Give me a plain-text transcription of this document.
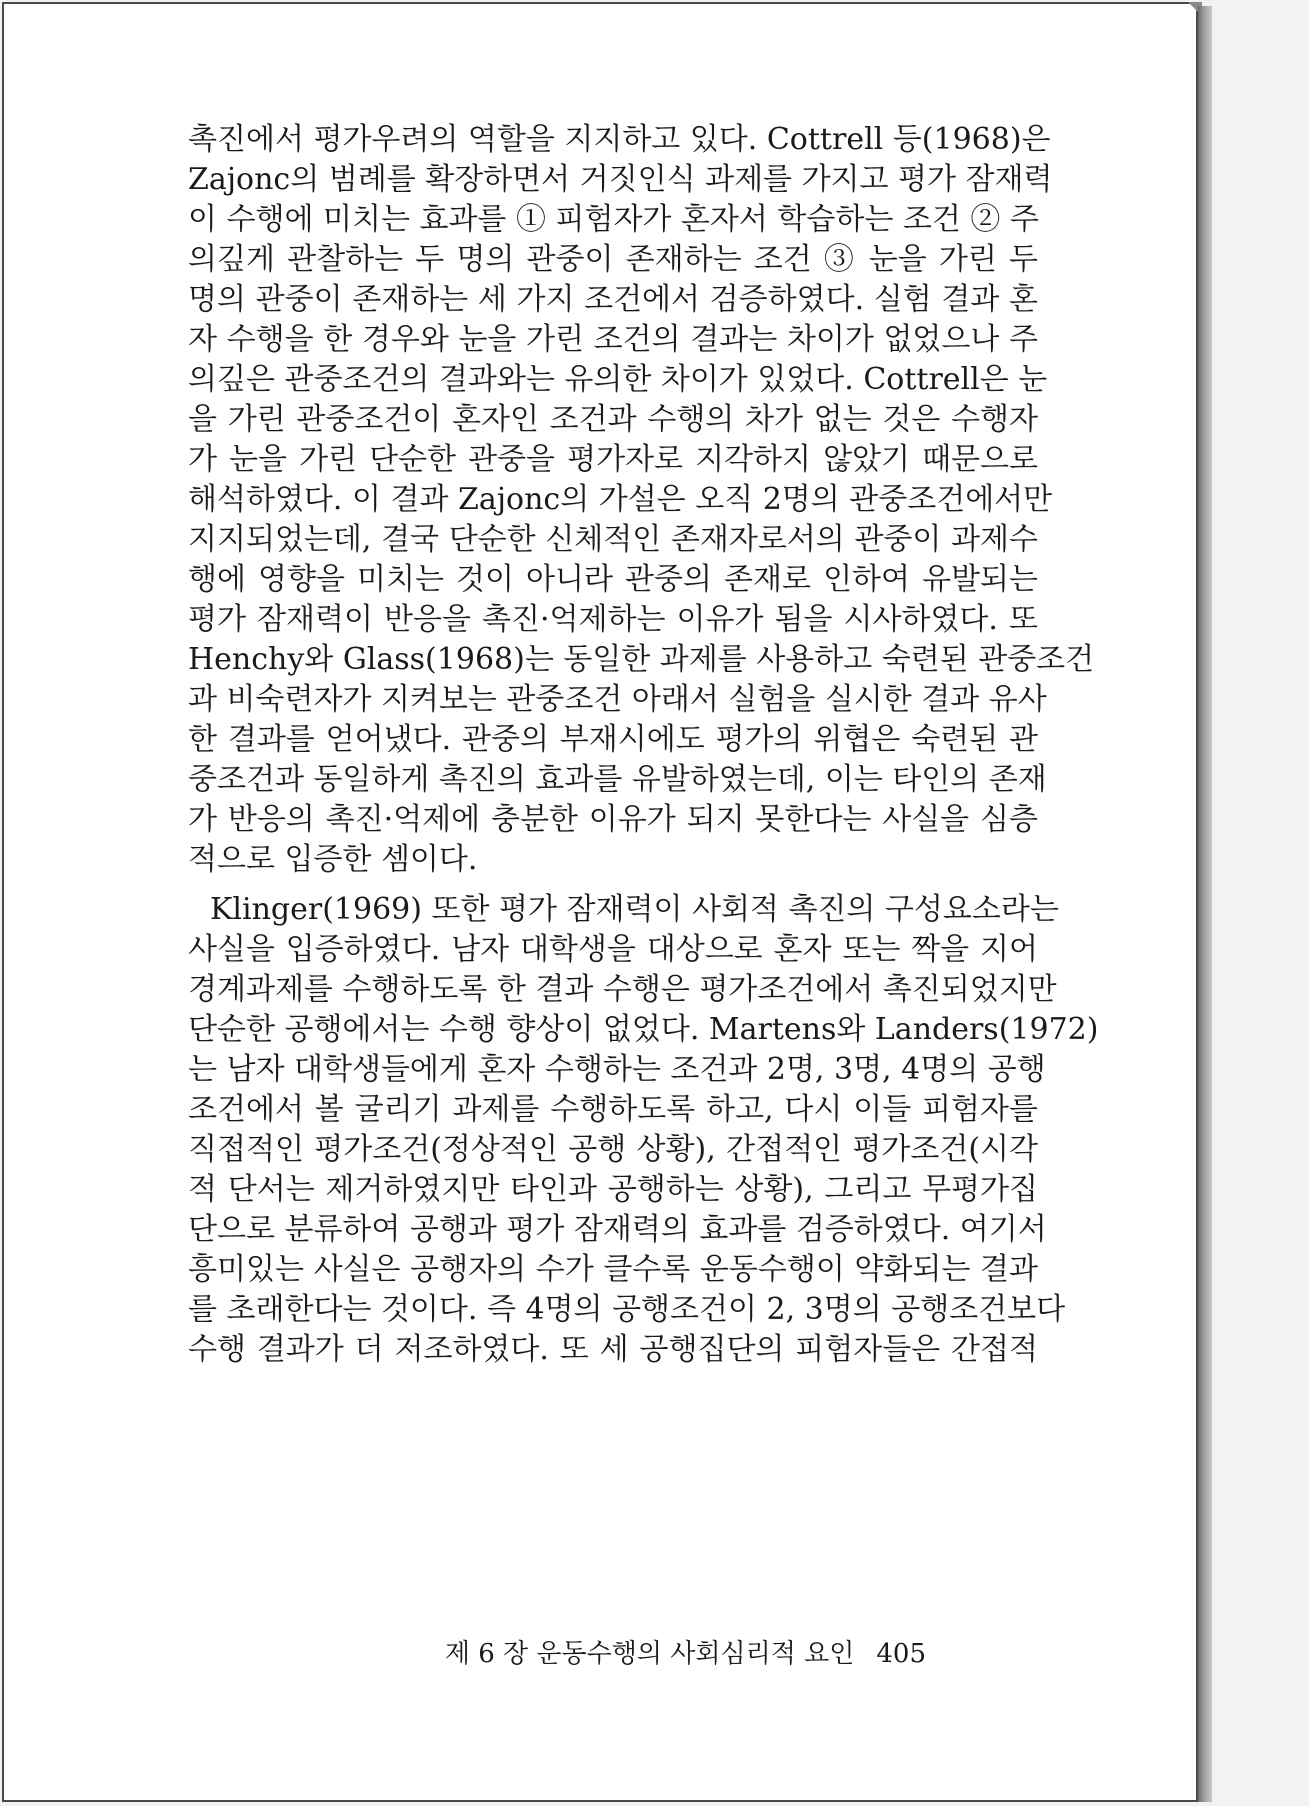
촉진에서 평가우려의 역할을 지지하고 있다. Cottrell 등(1968)은
Zajonc의 범례를 확장하면서 거짓인식 과제를 가지고 평가 잠재력
이 수행에 미치는 효과를 ① 피험자가 혼자서 학습하는 조건 ② 주
의깊게 관찰하는 두 명의 관중이 존재하는 조건 ③ 눈을 가린 두
명의 관중이 존재하는 세 가지 조건에서 검증하였다. 실험 결과 혼
자 수행을 한 경우와 눈을 가린 조건의 결과는 차이가 없었으나 주
의깊은 관중조건의 결과와는 유의한 차이가 있었다. Cottrell은 눈
을 가린 관중조건이 혼자인 조건과 수행의 차가 없는 것은 수행자
가 눈을 가린 단순한 관중을 평가자로 지각하지 않았기 때문으로
해석하였다. 이 결과 Zajonc의 가설은 오직 2명의 관중조건에서만
지지되었는데, 결국 단순한 신체적인 존재자로서의 관중이 과제수
행에 영향을 미치는 것이 아니라 관중의 존재로 인하여 유발되는
평가 잠재력이 반응을 촉진·억제하는 이유가 됨을 시사하였다. 또
Henchy와 Glass(1968)는 동일한 과제를 사용하고 숙련된 관중조건
과 비숙련자가 지켜보는 관중조건 아래서 실험을 실시한 결과 유사
한 결과를 얻어냈다. 관중의 부재시에도 평가의 위협은 숙련된 관
중조건과 동일하게 촉진의 효과를 유발하였는데, 이는 타인의 존재
가 반응의 촉진·억제에 충분한 이유가 되지 못한다는 사실을 심층
적으로 입증한 셈이다.
Klinger(1969) 또한 평가 잠재력이 사회적 촉진의 구성요소라는
사실을 입증하였다. 남자 대학생을 대상으로 혼자 또는 짝을 지어
경계과제를 수행하도록 한 결과 수행은 평가조건에서 촉진되었지만
단순한 공행에서는 수행 향상이 없었다. Martens와 Landers(1972)
는 남자 대학생들에게 혼자 수행하는 조건과 2명, 3명, 4명의 공행
조건에서 볼 굴리기 과제를 수행하도록 하고, 다시 이들 피험자를
직접적인 평가조건(정상적인 공행 상황), 간접적인 평가조건(시각
적 단서는 제거하였지만 타인과 공행하는 상황), 그리고 무평가집
단으로 분류하여 공행과 평가 잠재력의 효과를 검증하였다. 여기서
흥미있는 사실은 공행자의 수가 클수록 운동수행이 약화되는 결과
를 초래한다는 것이다. 즉 4명의 공행조건이 2, 3명의 공행조건보다
수행 결과가 더 저조하였다. 또 세 공행집단의 피험자들은 간접적
제 6 장 운동수행의 사회심리적 요인 405
